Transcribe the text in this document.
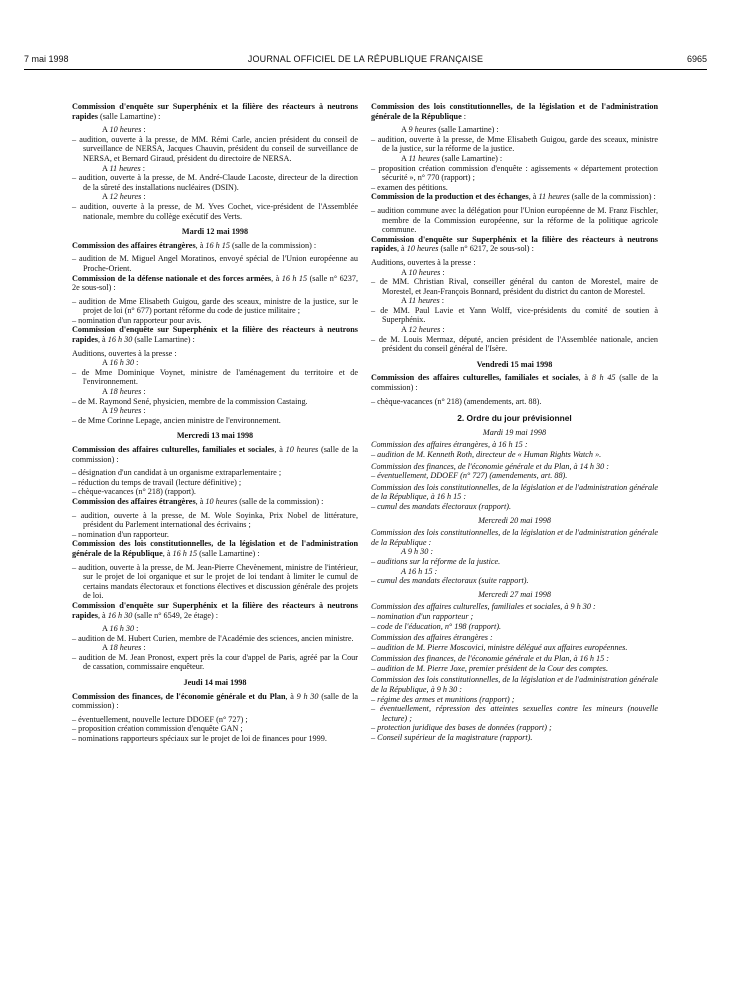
7 mai 1998	JOURNAL OFFICIEL DE LA RÉPUBLIQUE FRANÇAISE	6965
Commission d'enquête sur Superphénix et la filière des réacteurs à neutrons rapides (salle Lamartine) :
A 10 heures :
– audition, ouverte à la presse, de MM. Rémi Carle, ancien président du conseil de surveillance de NERSA, Jacques Chauvin, président du conseil de surveillance de NERSA, et Bernard Giraud, président du directoire de NERSA.
A 11 heures :
– audition, ouverte à la presse, de M. André-Claude Lacoste, directeur de la direction de la sûreté des installations nucléaires (DSIN).
A 12 heures :
– audition, ouverte à la presse, de M. Yves Cochet, vice-président de l'Assemblée nationale, membre du collège exécutif des Verts.
Mardi 12 mai 1998
Commission des affaires étrangères, à 16 h 15 (salle de la commission) :
– audition de M. Miguel Angel Moratinos, envoyé spécial de l'Union européenne au Proche-Orient.
Commission de la défense nationale et des forces armées, à 16 h 15 (salle n° 6237, 2e sous-sol) :
– audition de Mme Elisabeth Guigou, garde des sceaux, ministre de la justice, sur le projet de loi (n° 677) portant réforme du code de justice militaire ;
– nomination d'un rapporteur pour avis.
Commission d'enquête sur Superphénix et la filière des réacteurs à neutrons rapides, à 16 h 30 (salle Lamartine) :
Auditions, ouvertes à la presse :
A 16 h 30 :
– de Mme Dominique Voynet, ministre de l'aménagement du territoire et de l'environnement.
A 18 heures :
– de M. Raymond Sené, physicien, membre de la commission Castaing.
A 19 heures :
– de Mme Corinne Lepage, ancien ministre de l'environnement.
Mercredi 13 mai 1998
Commission des affaires culturelles, familiales et sociales, à 10 heures (salle de la commission) :
– désignation d'un candidat à un organisme extraparlementaire ;
– réduction du temps de travail (lecture définitive) ;
– chèque-vacances (n° 218) (rapport).
Commission des affaires étrangères, à 10 heures (salle de la commission) :
– audition, ouverte à la presse, de M. Wole Soyinka, Prix Nobel de littérature, président du Parlement international des écrivains ;
– nomination d'un rapporteur.
Commission des lois constitutionnelles, de la législation et de l'administration générale de la République, à 16 h 15 (salle Lamartine) :
– audition, ouverte à la presse, de M. Jean-Pierre Chevènement, ministre de l'intérieur, sur le projet de loi organique et sur le projet de loi tendant à limiter le cumul de certains mandats électoraux et fonctions électives et discussion générale des projets de loi.
Commission d'enquête sur Superphénix et la filière des réacteurs à neutrons rapides, à 16 h 30 (salle n° 6549, 2e étage) :
A 16 h 30 :
– audition de M. Hubert Curien, membre de l'Académie des sciences, ancien ministre.
A 18 heures :
– audition de M. Jean Pronost, expert près la cour d'appel de Paris, agréé par la Cour de cassation, commissaire enquêteur.
Jeudi 14 mai 1998
Commission des finances, de l'économie générale et du Plan, à 9 h 30 (salle de la commission) :
– éventuellement, nouvelle lecture DDOEF (n° 727) ;
– proposition création commission d'enquête GAN ;
– nominations rapporteurs spéciaux sur le projet de loi de finances pour 1999.
Commission des lois constitutionnelles, de la législation et de l'administration générale de la République :
A 9 heures (salle Lamartine) :
– audition, ouverte à la presse, de Mme Elisabeth Guigou, garde des sceaux, ministre de la justice, sur la réforme de la justice.
A 11 heures (salle Lamartine) :
– proposition création commission d'enquête : agissements « département protection sécurité », n° 770 (rapport) ;
– examen des pétitions.
Commission de la production et des échanges, à 11 heures (salle de la commission) :
– audition commune avec la délégation pour l'Union européenne de M. Franz Fischler, membre de la Commission européenne, sur la réforme de la politique agricole commune.
Commission d'enquête sur Superphénix et la filière des réacteurs à neutrons rapides, à 10 heures (salle n° 6217, 2e sous-sol) :
Auditions, ouvertes à la presse :
A 10 heures :
– de MM. Christian Rival, conseiller général du canton de Morestel, maire de Morestel, et Jean-François Bonnard, président du district du canton de Morestel.
A 11 heures :
– de MM. Paul Lavie et Yann Wolff, vice-présidents du comité de soutien à Superphénix.
A 12 heures :
– de M. Louis Mermaz, député, ancien président de l'Assemblée nationale, ancien président du conseil général de l'Isère.
Vendredi 15 mai 1998
Commission des affaires culturelles, familiales et sociales, à 8 h 45 (salle de la commission) :
– chèque-vacances (n° 218) (amendements, art. 88).
2. Ordre du jour prévisionnel
Mardi 19 mai 1998
Commission des affaires étrangères, à 16 h 15 :
– audition de M. Kenneth Roth, directeur de « Human Rights Watch ».
Commission des finances, de l'économie générale et du Plan, à 14 h 30 :
– éventuellement, DDOEF (n° 727) (amendements, art. 88).
Commission des lois constitutionnelles, de la législation et de l'administration générale de la République, à 16 h 15 :
– cumul des mandats électoraux (rapport).
Mercredi 20 mai 1998
Commission des lois constitutionnelles, de la législation et de l'administration générale de la République :
A 9 h 30 :
– auditions sur la réforme de la justice.
A 16 h 15 :
– cumul des mandats électoraux (suite rapport).
Mercredi 27 mai 1998
Commission des affaires culturelles, familiales et sociales, à 9 h 30 :
– nomination d'un rapporteur ;
– code de l'éducation, n° 198 (rapport).
Commission des affaires étrangères :
– audition de M. Pierre Moscovici, ministre délégué aux affaires européennes.
Commission des finances, de l'économie générale et du Plan, à 16 h 15 :
– audition de M. Pierre Joxe, premier président de la Cour des comptes.
Commission des lois constitutionnelles, de la législation et de l'administration générale de la République, à 9 h 30 :
– régime des armes et munitions (rapport) ;
– éventuellement, répression des atteintes sexuelles contre les mineurs (nouvelle lecture) ;
– protection juridique des bases de données (rapport) ;
– Conseil supérieur de la magistrature (rapport).
